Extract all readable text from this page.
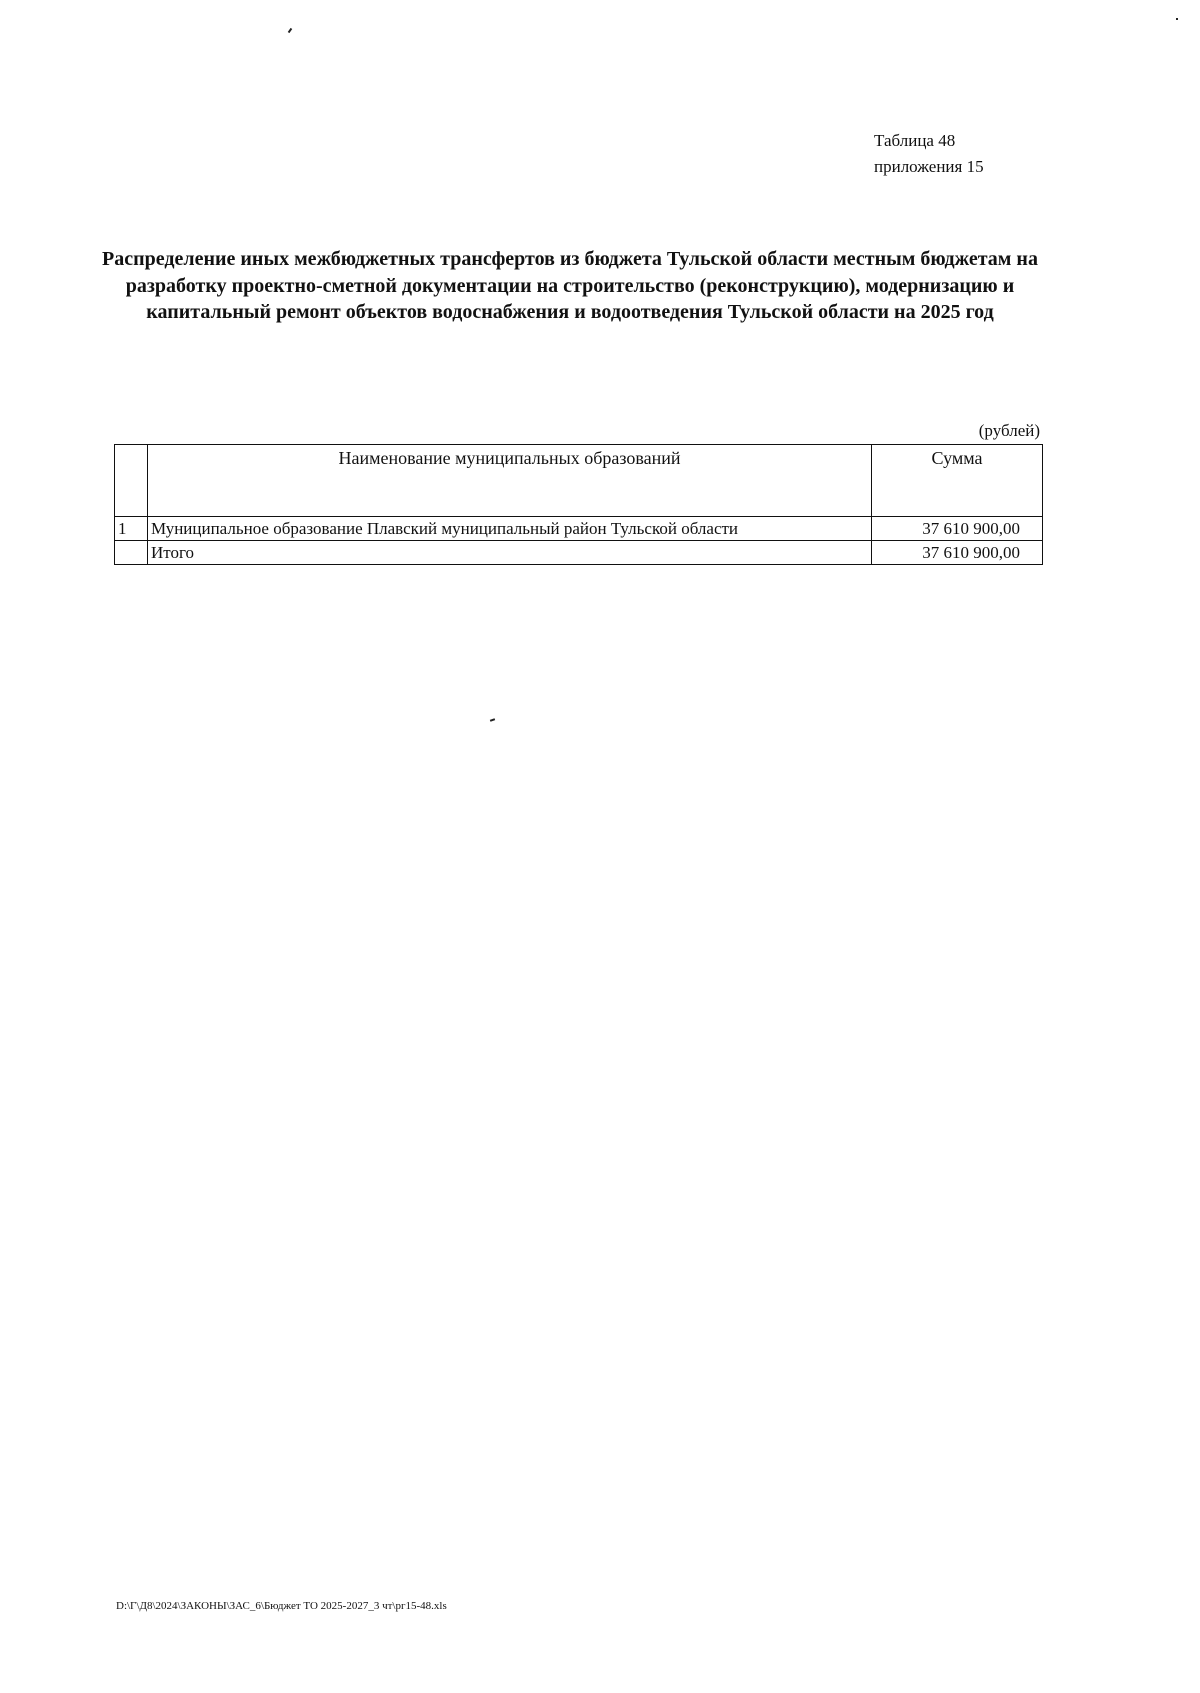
Таблица 48
приложения 15
Распределение иных межбюджетных трансфертов из бюджета Тульской области местным бюджетам на разработку проектно-сметной документации на строительство (реконструкцию), модернизацию и капитальный ремонт объектов водоснабжения и водоотведения Тульской области на 2025 год
(рублей)
	Наименование муниципальных образований	Сумма
1	Муниципальное образование Плавский муниципальный район Тульской области	37 610 900,00
	Итого	37 610 900,00
D:\Г\Д8\2024\ЗАКОНЫ\ЗАС_6\Бюджет ТО 2025-2027_3 чт\рг15-48.xls
